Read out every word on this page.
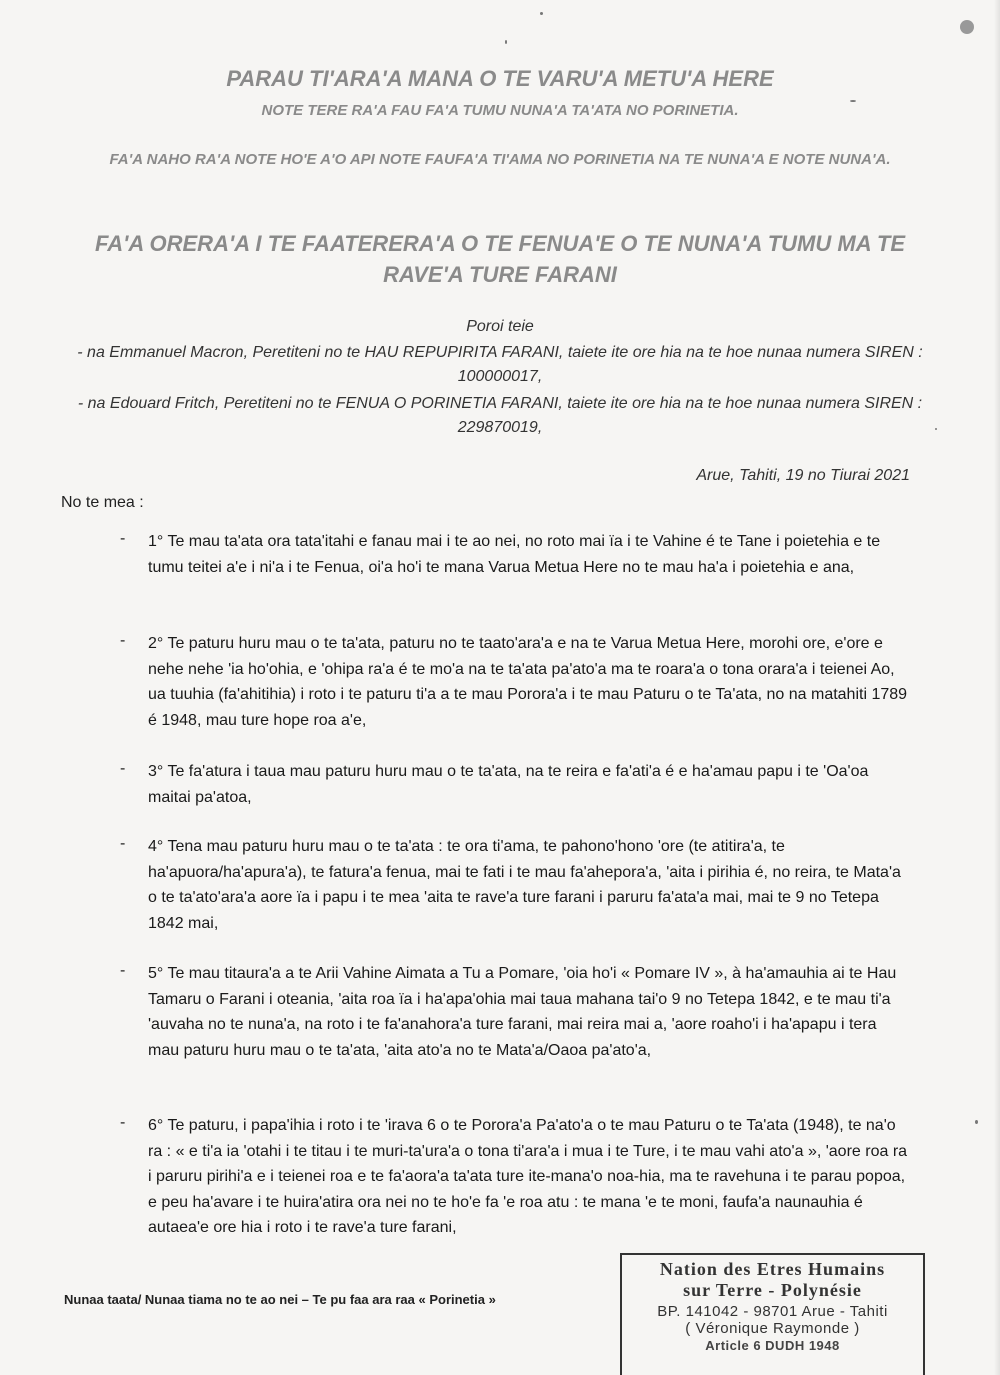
PARAU TI'ARA'A MANA O TE VARU'A METU'A HERE
NOTE TERE RA'A FAU FA'A TUMU NUNA'A TA'ATA NO PORINETIA.
FA'A NAHO RA'A NOTE HO'E A'O API NOTE FAUFA'A TI'AMA NO PORINETIA NA TE NUNA'A E NOTE NUNA'A.
FA'A ORERA'A I TE FAATERERA'A O TE FENUA'E O TE NUNA'A TUMU MA TE RAVE'A TURE FARANI
Poroi teie
- na Emmanuel Macron, Peretiteni no te HAU REPUPIRITA FARANI, taiete ite ore hia na te hoe nunaa numera SIREN : 100000017,
- na Edouard Fritch, Peretiteni no te FENUA O PORINETIA FARANI, taiete ite ore hia na te hoe nunaa numera SIREN : 229870019,
Arue, Tahiti, 19 no Tiurai 2021
No te mea :
- 1° Te mau ta'ata ora tata'itahi e fanau mai i te ao nei, no roto mai ïa i te Vahine é te Tane i poietehia e te tumu teitei a'e i ni'a i te Fenua, oi'a ho'i te mana Varua Metua Here no te mau ha'a i poietehia e ana,
- 2° Te paturu huru mau o te ta'ata, paturu no te taato'ara'a e na te Varua Metua Here, morohi ore, e'ore e nehe nehe 'ia ho'ohia, e 'ohipa ra'a é te mo'a na te ta'ata pa'ato'a ma te roara'a o tona orara'a i teienei Ao, ua tuuhia (fa'ahitihia) i roto i te paturu ti'a a te mau Porora'a i te mau Paturu o te Ta'ata, no na matahiti 1789 é 1948, mau ture hope roa a'e,
- 3° Te fa'atura i taua mau paturu huru mau o te ta'ata, na te reira e fa'ati'a é e ha'amau papu i te 'Oa'oa maitai pa'atoa,
- 4° Tena mau paturu huru mau o te ta'ata : te ora ti'ama, te pahono'hono 'ore (te atitira'a, te ha'apuora/ha'apura'a), te fatura'a fenua, mai te fati i te mau fa'ahepora'a, 'aita i pirihia é, no reira, te Mata'a o te ta'ato'ara'a aore ïa i papu i te mea 'aita te rave'a ture farani i paruru fa'ata'a mai, mai te 9 no Tetepa 1842 mai,
- 5° Te mau titaura'a a te Arii Vahine Aimata a Tu a Pomare, 'oia ho'i « Pomare IV », à ha'amauhia ai te Hau Tamaru o Farani i oteania, 'aita roa ïa i ha'apa'ohia mai taua mahana tai'o 9 no Tetepa 1842, e te mau ti'a 'auvaha no te nuna'a, na roto i te fa'anahora'a ture farani, mai reira mai a, 'aore roaho'i i ha'apapu i tera mau paturu huru mau o te ta'ata, 'aita ato'a no te Mata'a/Oaoa pa'ato'a,
- 6° Te paturu, i papa'ihia i roto i te 'irava 6 o te Porora'a Pa'ato'a o te mau Paturu o te Ta'ata (1948), te na'o ra : « e ti'a ia 'otahi i te titau i te muri-ta'ura'a o tona ti'ara'a i mua i te Ture, i te mau vahi ato'a », 'aore roa ra i paruru pirihi'a e i teienei roa e te fa'aora'a ta'ata ture ite-mana'o noa-hia, ma te ravehuna i te parau popoa, e peu ha'avare i te huira'atira ora nei no te ho'e fa 'e roa atu : te mana 'e te moni, faufa'a naunauhia é autaea'e ore hia i roto i te rave'a ture farani,
Nunaa taata/ Nunaa tiama no te ao nei – Te pu faa ara raa « Porinetia »
Nation des Etres Humains
sur Terre - Polynésie
BP. 141042 - 98701 Arue - Tahiti
( Véronique Raymonde )
Article 6 DUDH 1948
